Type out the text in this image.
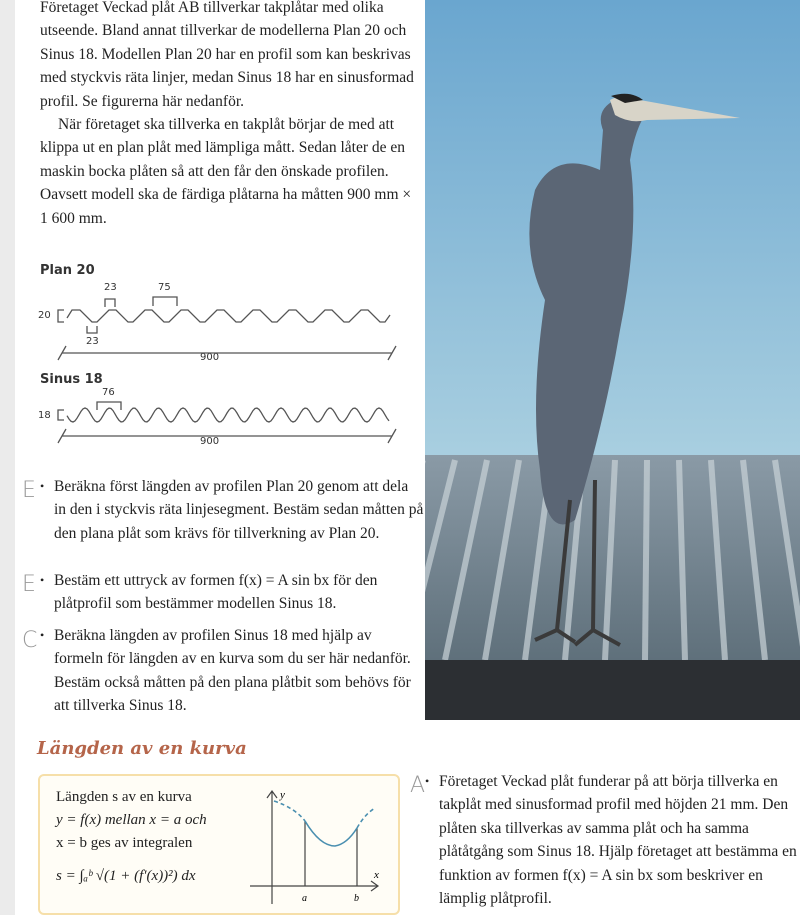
Företaget Veckad plåt AB tillverkar takplåtar med olika utseende. Bland annat tillverkar de modellerna Plan 20 och Sinus 18. Modellen Plan 20 har en profil som kan beskrivas med styckvis räta linjer, medan Sinus 18 har en sinusformad profil. Se figurerna här nedanför.

När företaget ska tillverka en takplåt börjar de med att klippa ut en plan plåt med lämpliga mått. Sedan låter de en maskin bocka plåten så att den får den önskade profilen. Oavsett modell ska de färdiga plåtarna ha måtten 900 mm × 1 600 mm.

Plan 20
23	75
20
23
900
Sinus 18
76
18
900
E • Beräkna först längden av profilen Plan 20 genom att dela in den i styckvis räta linjesegment. Bestäm sedan måtten på den plana plåt som krävs för tillverkning av Plan 20.
E • Bestäm ett uttryck av formen f(x) = A sin bx för den plåtprofil som bestämmer modellen Sinus 18.
C • Beräkna längden av profilen Sinus 18 med hjälp av formeln för längden av en kurva som du ser här nedanför. Bestäm också måtten på den plana plåtbit som behövs för att tillverka Sinus 18.
Längden av en kurva
Längden s av en kurva
y = f(x) mellan x = a och
x = b ges av integralen
s = ∫ₐᵇ √(1 + (f′(x))²) dx
y
x
a	b
A • Företaget Veckad plåt funderar på att börja tillverka en takplåt med sinusformad profil med höjden 21 mm. Den plåten ska tillverkas av samma plåt och ha samma plåtåtgång som Sinus 18. Hjälp företaget att bestämma en funktion av formen f(x) = A sin bx som beskriver en lämplig plåtprofil.
